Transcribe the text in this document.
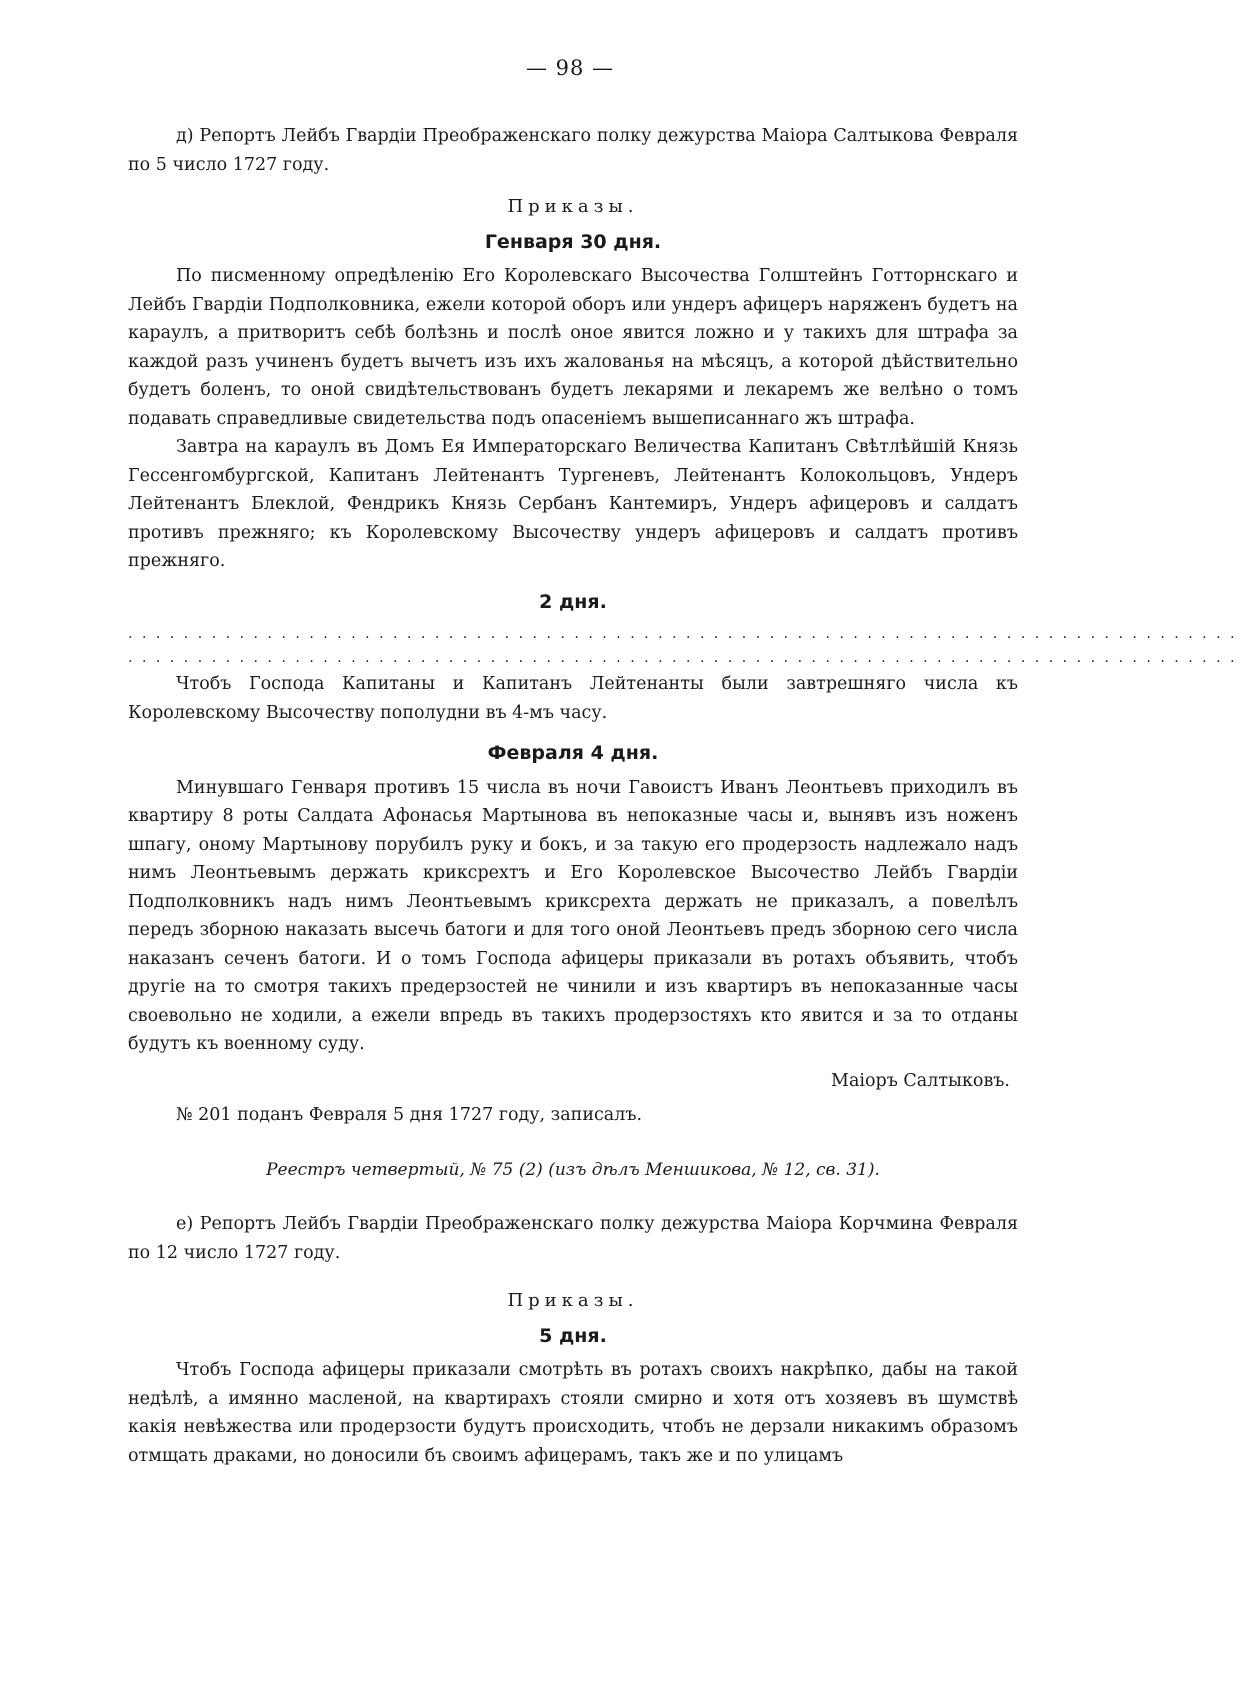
— 98 —

д) Репортъ Лейбъ Гвардiи Преображенскаго полку дежурства Маiора Салтыкова Февраля по 5 число 1727 году.

Приказы.
Генваря 30 дня.

По писменному опредѣленiю Его Королевскаго Высочества Голштейнъ Готторнскаго и Лейбъ Гвардiи Подполковника, ежели которой оборъ или ундеръ афицеръ наряженъ будетъ на караулъ, а притворитъ себѣ болѣзнь и послѣ оное явится ложно и у такихъ для штрафа за каждой разъ учиненъ будетъ вычетъ изъ ихъ жалованья на мѣсяцъ, а которой дѣйствительно будетъ боленъ, то оной свидѣтельствованъ будетъ лекарями и лекаремъ же велѣно о томъ подавать справедливые свидетельства подъ опасенiемъ вышеписаннаго жъ штрафа.

Завтра на караулъ въ Домъ Ея Императорскаго Величества Капитанъ Свѣтлѣйшiй Князь Гессенгомбургской, Капитанъ Лейтенантъ Тургеневъ, Лейтенантъ Колокольцовъ, Ундеръ Лейтенантъ Блеклой, Фендрикъ Князь Сербанъ Кантемиръ, Ундеръ афицеровъ и салдатъ противъ прежняго; къ Королевскому Высочеству ундеръ афицеровъ и салдатъ противъ прежняго.

2 дня.
................................................................................
................................................................................

Чтобъ Господа Капитаны и Капитанъ Лейтенанты были завтрешняго числа къ Королевскому Высочеству пополудни въ 4-мъ часу.

Февраля 4 дня.

Минувшаго Генваря противъ 15 числа въ ночи Гавоистъ Иванъ Леонтьевъ приходилъ въ квартиру 8 роты Салдата Афонасья Мартынова въ непоказные часы и, вынявъ изъ ноженъ шпагу, оному Мартынову порубилъ руку и бокъ, и за такую его продерзость надлежало надъ нимъ Леонтьевымъ держать крикcрехтъ и Его Королевское Высочество Лейбъ Гвардiи Подполковникъ надъ нимъ Леонтьевымъ крикcрехта держать не приказалъ, а повелѣлъ передъ зборною наказать высечь батоги и для того оной Леонтьевъ предъ зборною сего числа наказанъ сеченъ батоги. И о томъ Господа афицеры приказали въ ротахъ объявить, чтобъ другiе на то смотря такихъ предерзостей не чинили и изъ квартиръ въ непоказанные часы своевольно не ходили, а ежели впредь въ такихъ продерзостяхъ кто явится и за то отданы будутъ къ военному суду.

Маiоръ Салтыковъ.

№ 201 поданъ Февраля 5 дня 1727 году, записалъ.

Реестръ четвертый, № 75 (2) (изъ дѣлъ Меншикова, № 12, св. 31).

е) Репортъ Лейбъ Гвардiи Преображенскаго полку дежурства Маiора Корчмина Февраля по 12 число 1727 году.

Приказы.
5 дня.

Чтобъ Господа афицеры приказали смотрѣть въ ротахъ своихъ накрѣпко, дабы на такой недѣлѣ, а имянно масленой, на квартирахъ стояли смирно и хотя отъ хозяевъ въ шумствѣ какiя невѣжества или продерзости будутъ происходить, чтобъ не дерзали никакимъ образомъ отмщать драками, но доносили бъ своимъ афицерамъ, такъ же и по улицамъ
